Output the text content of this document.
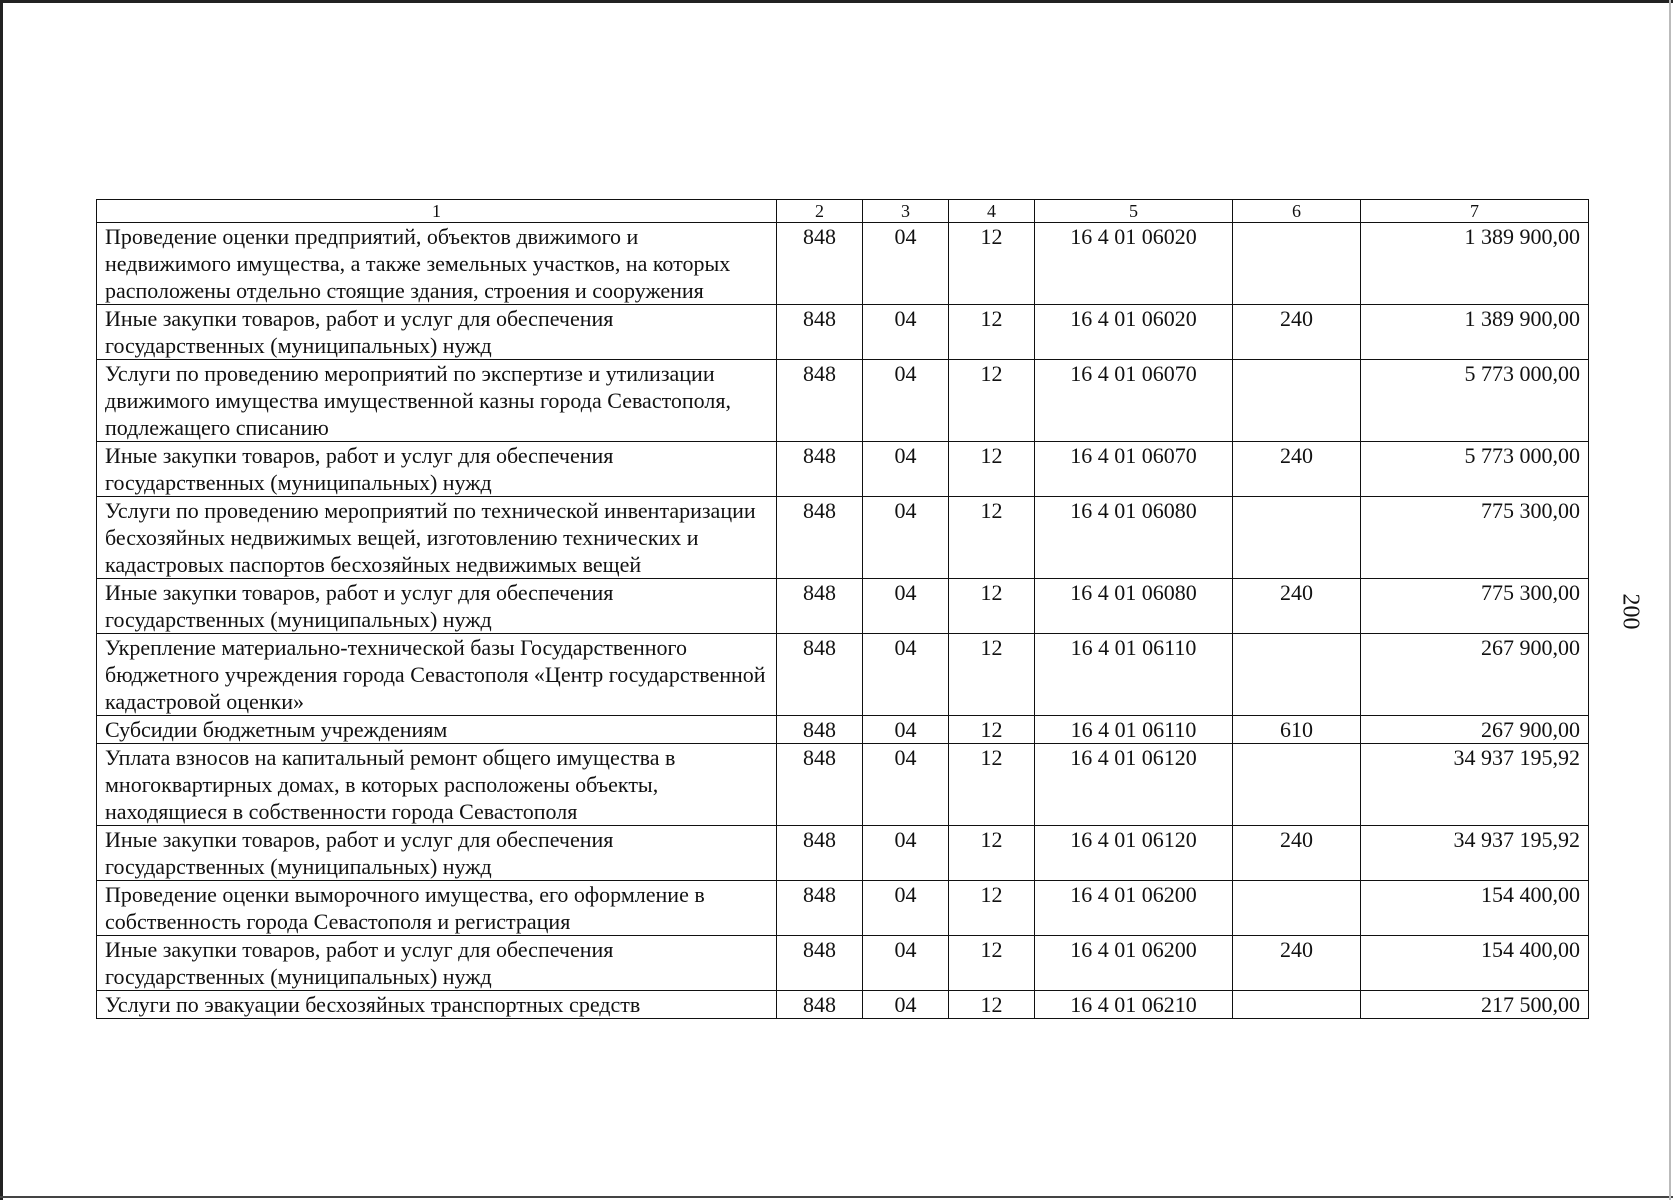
200
1	2	3	4	5	6	7
Проведение оценки предприятий, объектов движимого и недвижимого имущества, а также земельных участков, на которых расположены отдельно стоящие здания, строения и сооружения	848	04	12	16 4 01 06020		1 389 900,00
Иные закупки товаров, работ и услуг для обеспечения государственных (муниципальных) нужд	848	04	12	16 4 01 06020	240	1 389 900,00
Услуги по проведению мероприятий по экспертизе и утилизации движимого имущества имущественной казны города Севастополя, подлежащего списанию	848	04	12	16 4 01 06070		5 773 000,00
Иные закупки товаров, работ и услуг для обеспечения государственных (муниципальных) нужд	848	04	12	16 4 01 06070	240	5 773 000,00
Услуги по проведению мероприятий по технической инвентаризации бесхозяйных недвижимых вещей, изготовлению технических и кадастровых паспортов бесхозяйных недвижимых вещей	848	04	12	16 4 01 06080		775 300,00
Иные закупки товаров, работ и услуг для обеспечения государственных (муниципальных) нужд	848	04	12	16 4 01 06080	240	775 300,00
Укрепление материально-технической базы Государственного бюджетного учреждения города Севастополя «Центр государственной кадастровой оценки»	848	04	12	16 4 01 06110		267 900,00
Субсидии бюджетным учреждениям	848	04	12	16 4 01 06110	610	267 900,00
Уплата взносов на капитальный ремонт общего имущества в многоквартирных домах, в которых расположены объекты, находящиеся в собственности города Севастополя	848	04	12	16 4 01 06120		34 937 195,92
Иные закупки товаров, работ и услуг для обеспечения государственных (муниципальных) нужд	848	04	12	16 4 01 06120	240	34 937 195,92
Проведение оценки выморочного имущества, его оформление в собственность города Севастополя и регистрация	848	04	12	16 4 01 06200		154 400,00
Иные закупки товаров, работ и услуг для обеспечения государственных (муниципальных) нужд	848	04	12	16 4 01 06200	240	154 400,00
Услуги по эвакуации бесхозяйных транспортных средств	848	04	12	16 4 01 06210		217 500,00
